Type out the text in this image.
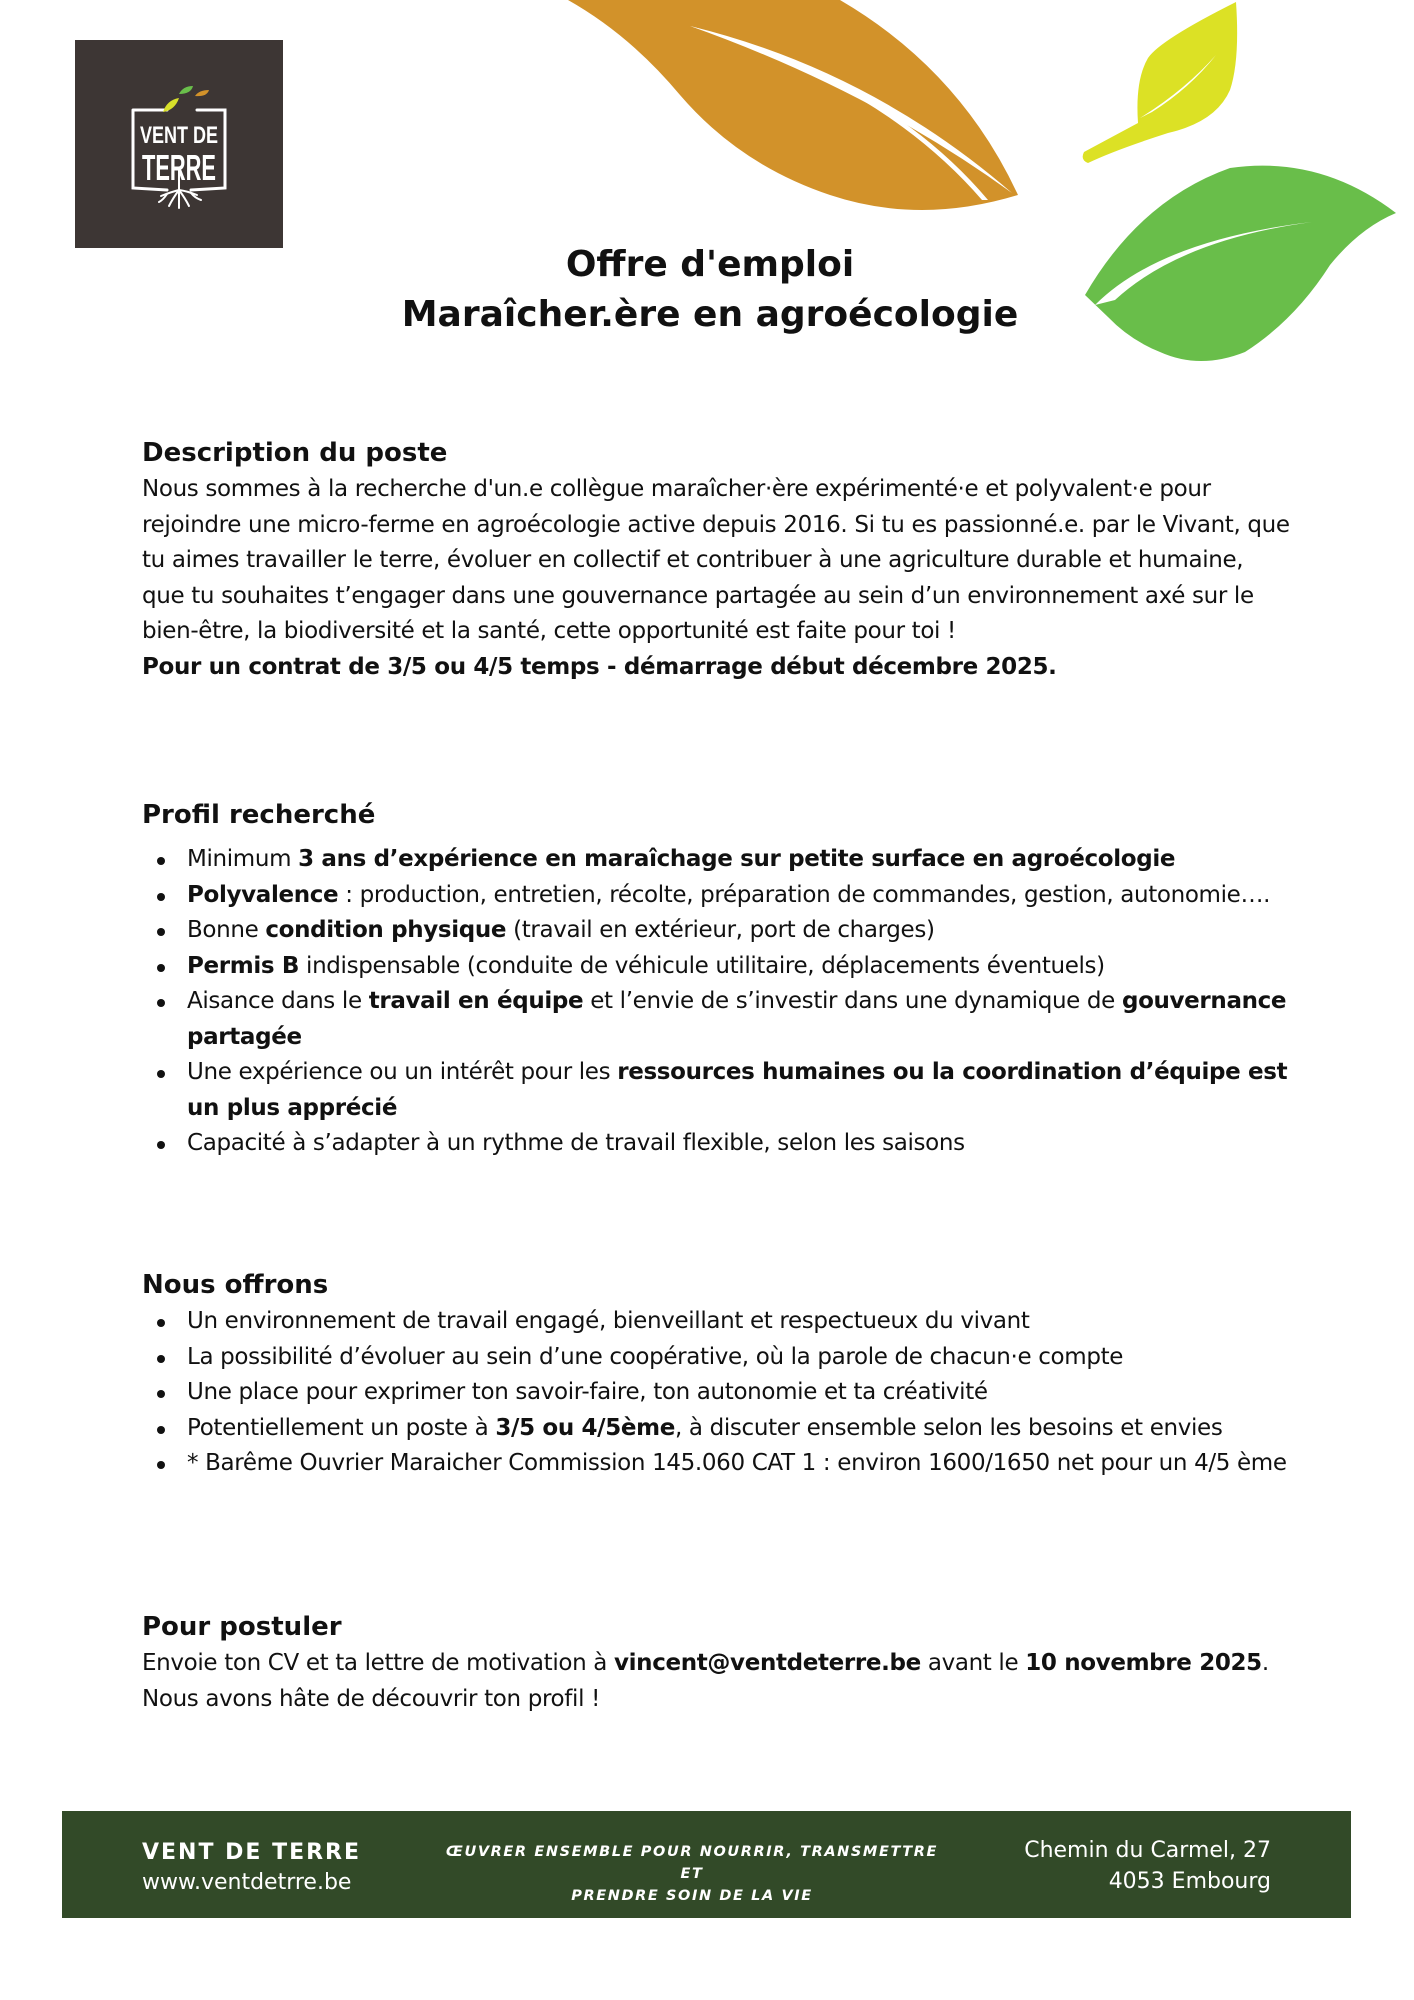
VENT DE
TERRE
Offre d'emploi
Maraîcher.ère en agroécologie
Description du poste

Nous sommes à la recherche d'un.e collègue maraîcher·ère expérimenté·e et polyvalent·e pour rejoindre une micro-ferme en agroécologie active depuis 2016. Si tu es passionné.e. par le Vivant, que tu aimes travailler le terre, évoluer en collectif et contribuer à une agriculture durable et humaine, que tu souhaites t’engager dans une gouvernance partagée au sein d’un environnement axé sur le bien-être, la biodiversité et la santé, cette opportunité est faite pour toi !

Pour un contrat de 3/5 ou 4/5 temps - démarrage début décembre 2025.

Profil recherché
Minimum 3 ans d’expérience en maraîchage sur petite surface en agroécologie
Polyvalence : production, entretien, récolte, préparation de commandes, gestion, autonomie….
Bonne condition physique (travail en extérieur, port de charges)
Permis B indispensable (conduite de véhicule utilitaire, déplacements éventuels)
Aisance dans le travail en équipe et l’envie de s’investir dans une dynamique de gouvernance partagée
Une expérience ou un intérêt pour les ressources humaines ou la coordination d’équipe est un plus apprécié
Capacité à s’adapter à un rythme de travail flexible, selon les saisons
Nous offrons
Un environnement de travail engagé, bienveillant et respectueux du vivant
La possibilité d’évoluer au sein d’une coopérative, où la parole de chacun·e compte
Une place pour exprimer ton savoir-faire, ton autonomie et ta créativité
Potentiellement un poste à 3/5 ou 4/5ème, à discuter ensemble selon les besoins et envies
* Barême Ouvrier Maraicher Commission 145.060 CAT 1 : environ 1600/1650 net pour un 4/5 ème
Pour postuler

Envoie ton CV et ta lettre de motivation à vincent@ventdeterre.be avant le 10 novembre 2025. Nous avons hâte de découvrir ton profil !

VENT DE TERRE
www.ventdetrre.be
ŒUVRER ENSEMBLE POUR NOURRIR, TRANSMETTRE ET
PRENDRE SOIN DE LA VIE
Chemin du Carmel, 27
4053 Embourg
